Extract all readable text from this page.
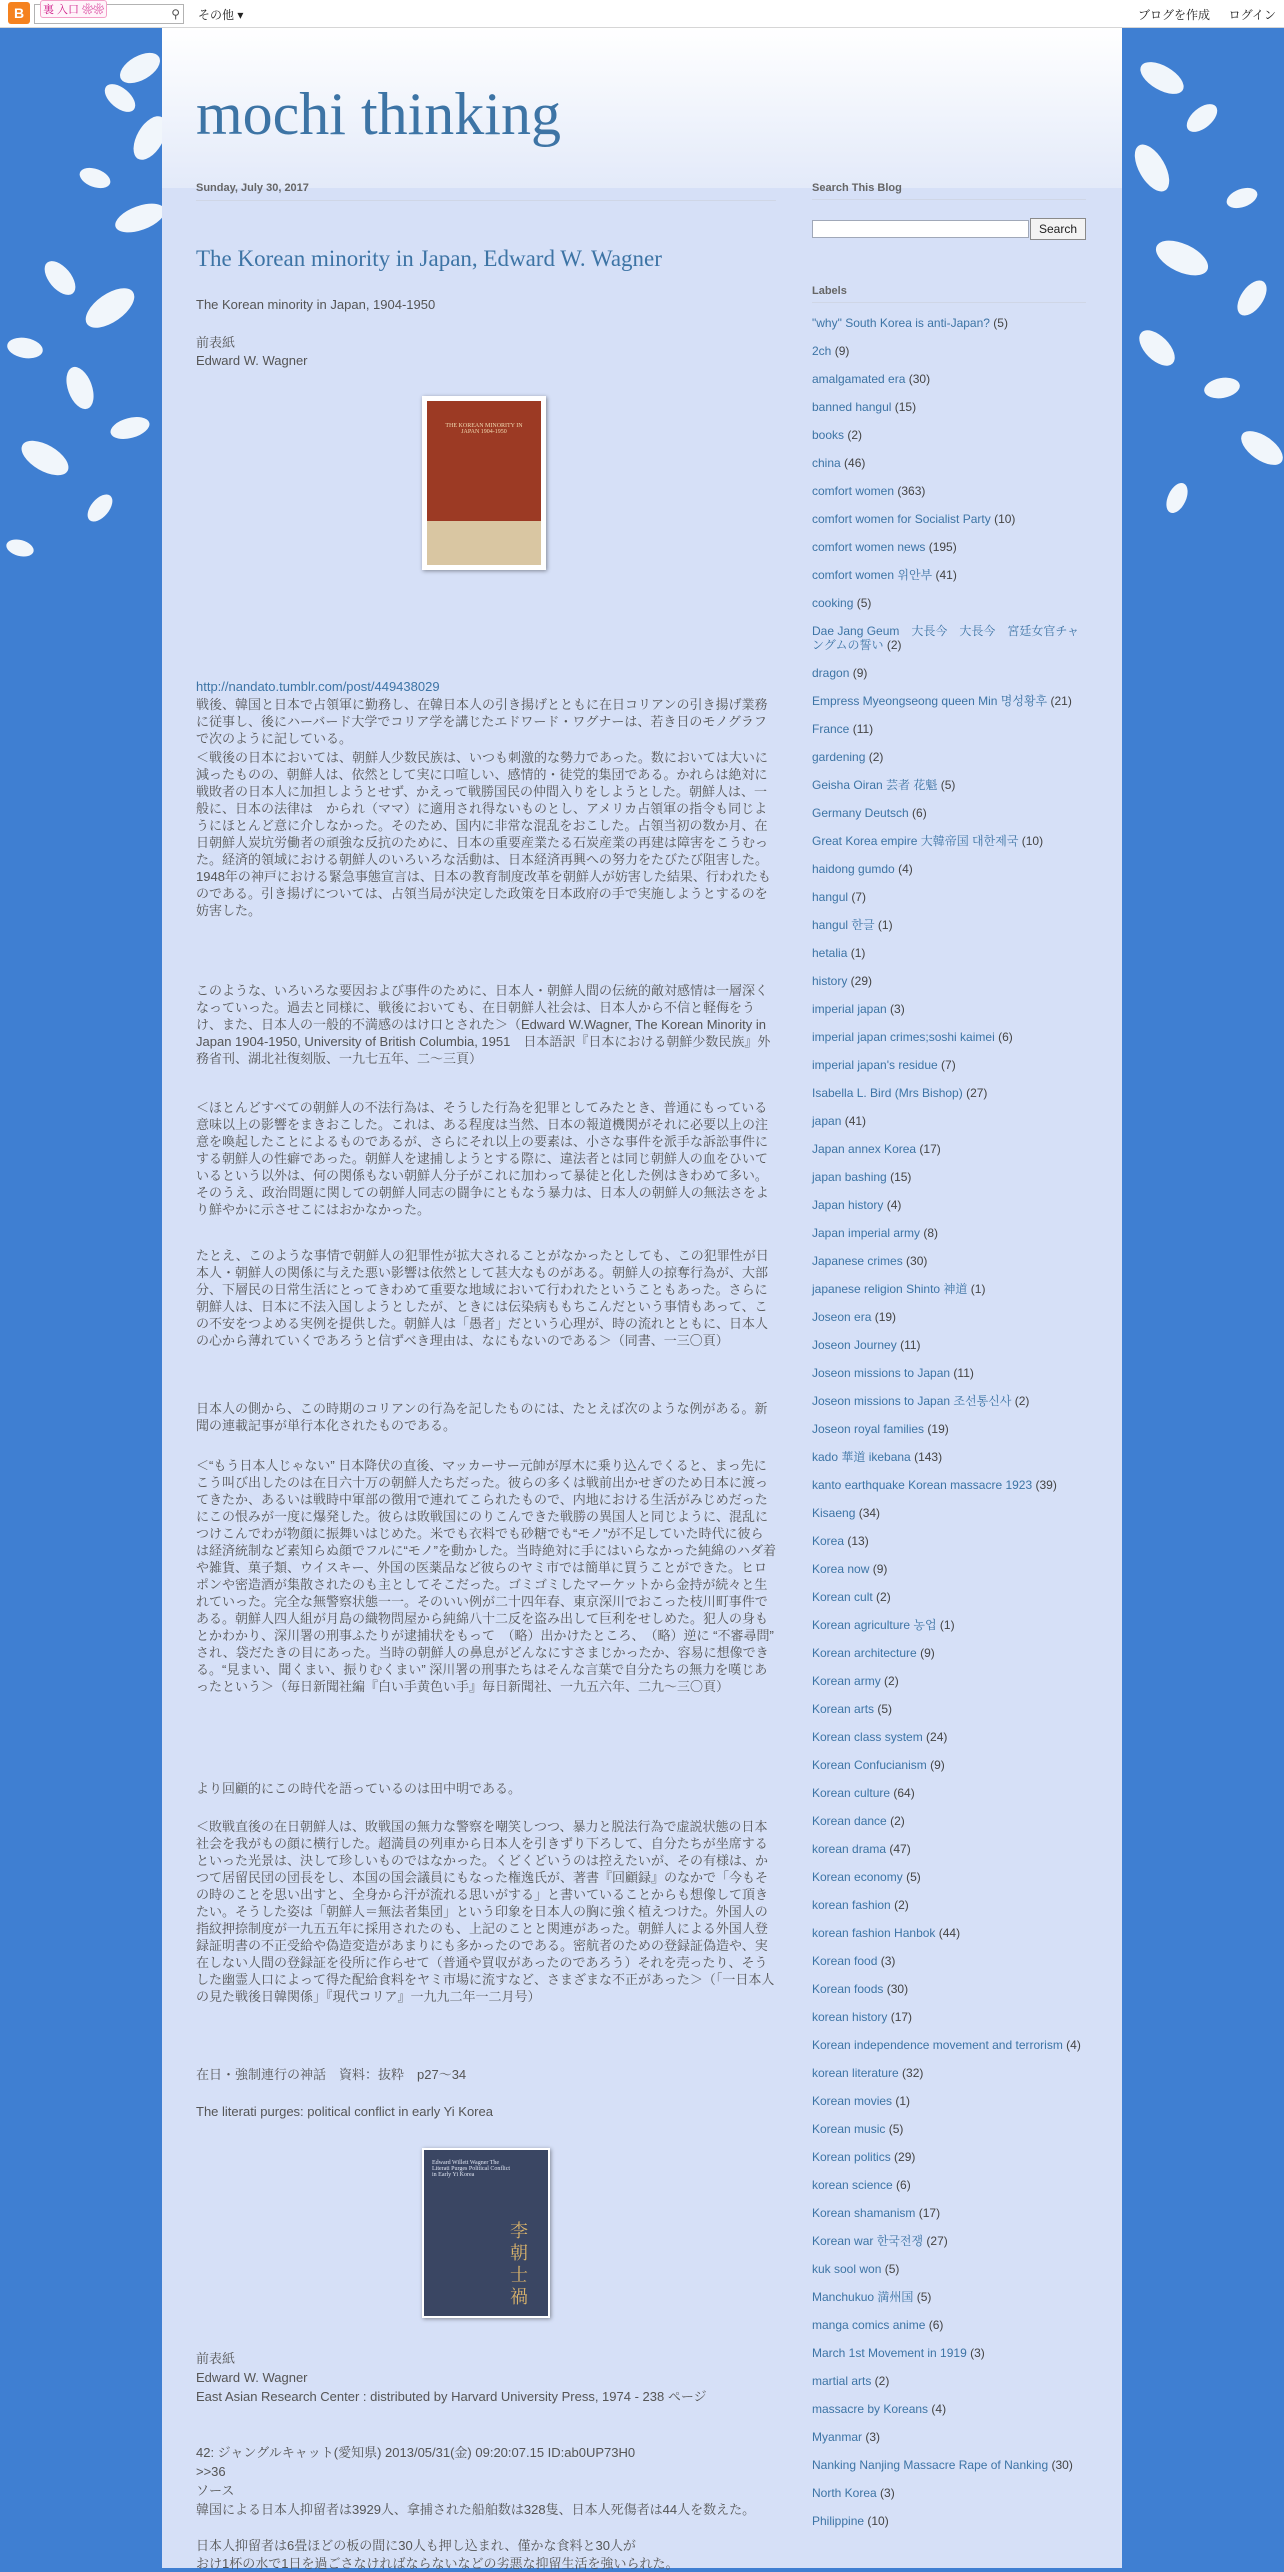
B	⚲
裏 入口 ❀❀	その他 ▾	ブログを作成 ログイン
mochi thinking
Sunday, July 30, 2017
The Korean minority in Japan, Edward W. Wagner
The Korean minority in Japan, 1904-1950
前表紙
Edward W. Wagner
THE KOREAN MINORITY IN JAPAN 1904-1950
http://nandato.tumblr.com/post/449438029
戦後、韓国と日本で占領軍に勤務し、在韓日本人の引き揚げとともに在日コリアンの引き揚げ業務に従事し、後にハーバード大学でコリア学を講じたエドワード・ワグナーは、若き日のモノグラフで次のように記している。
＜戦後の日本においては、朝鮮人少数民族は、いつも刺激的な勢力であった。数においては大いに減ったものの、朝鮮人は、依然として実に口喧しい、感情的・徒党的集団である。かれらは絶対に戦敗者の日本人に加担しようとせず、かえって戦勝国民の仲間入りをしようとした。朝鮮人は、一般に、日本の法律は　かられ（ママ）に適用され得ないものとし、アメリカ占領軍の指令も同じようにほとんど意に介しなかった。そのため、国内に非常な混乱をおこした。占領当初の数か月、在日朝鮮人炭坑労働者の頑強な反抗のために、日本の重要産業たる石炭産業の再建は障害をこうむった。経済的領域における朝鮮人のいろいろな活動は、日本経済再興への努力をたびたび阻害した。1948年の神戸における緊急事態宣言は、日本の教育制度改革を朝鮮人が妨害した結果、行われたものである。引き揚げについては、占領当局が決定した政策を日本政府の手で実施しようとするのを妨害した。
このような、いろいろな要因および事件のために、日本人・朝鮮人間の伝統的敵対感情は一層深くなっていった。過去と同様に、戦後においても、在日朝鮮人社会は、日本人から不信と軽侮をうけ、また、日本人の一般的不満感のはけ口とされた＞（Edward W.Wagner, The Korean Minority in Japan 1904-1950, University of British Columbia, 1951　日本語訳『日本における朝鮮少数民族』外務省刊、湖北社復刻版、一九七五年、二〜三頁）
＜ほとんどすべての朝鮮人の不法行為は、そうした行為を犯罪としてみたとき、普通にもっている意味以上の影響をまきおこした。これは、ある程度は当然、日本の報道機関がそれに必要以上の注意を喚起したことによるものであるが、さらにそれ以上の要素は、小さな事件を派手な訴訟事件にする朝鮮人の性癖であった。朝鮮人を逮捕しようとする際に、違法者とは同じ朝鮮人の血をひいているという以外は、何の関係もない朝鮮人分子がこれに加わって暴徒と化した例はきわめて多い。そのうえ、政治問題に関しての朝鮮人同志の闘争にともなう暴力は、日本人の朝鮮人の無法さをより鮮やかに示させこにはおかなかった。
たとえ、このような事情で朝鮮人の犯罪性が拡大されることがなかったとしても、この犯罪性が日本人・朝鮮人の関係に与えた悪い影響は依然として甚大なものがある。朝鮮人の掠奪行為が、大部分、下層民の日常生活にとってきわめて重要な地域において行われたということもあった。さらに朝鮮人は、日本に不法入国しようとしたが、ときには伝染病ももちこんだという事情もあって、この不安をつよめる実例を提供した。朝鮮人は「愚者」だという心理が、時の流れとともに、日本人の心から薄れていくであろうと信ずべき理由は、なにもないのである＞（同書、一三〇頁）
日本人の側から、この時期のコリアンの行為を記したものには、たとえば次のような例がある。新聞の連載記事が単行本化されたものである。
＜“もう日本人じゃない” 日本降伏の直後、マッカーサー元帥が厚木に乗り込んでくると、まっ先にこう叫び出したのは在日六十万の朝鮮人たちだった。彼らの多くは戦前出かせぎのため日本に渡ってきたか、あるいは戦時中軍部の徴用で連れてこられたもので、内地における生活がみじめだったにこの恨みが一度に爆発した。彼らは敗戦国にのりこんできた戦勝の異国人と同じように、混乱につけこんでわが物顔に振舞いはじめた。米でも衣料でも砂糖でも“モノ”が不足していた時代に彼らは経済統制など素知らぬ顔でフルに“モノ”を動かした。当時絶対に手にはいらなかった純綿のハダ着や雑貨、菓子類、ウイスキー、外国の医薬品など彼らのヤミ市では簡単に買うことができた。ヒロポンや密造酒が集散されたのも主としてそこだった。ゴミゴミしたマーケットから金持が続々と生れていった。完全な無警察状態一一。そのいい例が二十四年春、東京深川でおこった枝川町事件である。朝鮮人四人組が月島の織物問屋から純綿八十二反を盗み出して巨利をせしめた。犯人の身もとかわかり、深川署の刑事ふたりが逮捕状をもって　（略）出かけたところ、　（略）逆に “不審尋問” され、袋だたきの目にあった。当時の朝鮮人の鼻息がどんなにすさまじかったか、容易に想像できる。“見まい、聞くまい、振りむくまい” 深川署の刑事たちはそんな言葉で自分たちの無力を嘆じあったという＞（毎日新聞社編『白い手黄色い手』毎日新聞社、一九五六年、二九〜三〇頁）
より回顧的にこの時代を語っているのは田中明である。
＜敗戦直後の在日朝鮮人は、敗戦国の無力な警察を嘲笑しつつ、暴力と脱法行為で虚説状態の日本社会を我がもの顔に横行した。超満員の列車から日本人を引きずり下ろして、自分たちが坐席するといった光景は、決して珍しいものではなかった。くどくどいうのは控えたいが、その有様は、かつて居留民団の団長をし、本国の国会議員にもなった権逸氏が、著書『回顧録』のなかで「今もその時のことを思い出すと、全身から汗が流れる思いがする」と書いていることからも想像して頂きたい。そうした姿は「朝鮮人＝無法者集団」という印象を日本人の胸に強く植えつけた。外国人の指紋押捺制度が一九五五年に採用されたのも、上記のことと関連があった。朝鮮人による外国人登録証明書の不正受給や偽造変造があまりにも多かったのである。密航者のための登録証偽造や、実在しない人間の登録証を役所に作らせて（普通や買収があったのであろう）それを売ったり、そうした幽霊人口によって得た配給食料をヤミ市場に流すなど、さまざまな不正があった＞（「一日本人の見た戦後日韓関係」『現代コリア』一九九二年一二月号）
在日・強制連行の神話　資料：抜粋　p27～34
The literati purges: political conflict in early Yi Korea
Edward Willett Wagner The Literati Purges Political Conflict in Early Yi Korea
李朝士禍
前表紙
Edward W. Wagner
East Asian Research Center : distributed by Harvard University Press, 1974 - 238 ページ
42: ジャングルキャット(愛知県) 2013/05/31(金) 09:20:07.15 ID:ab0UP73H0
>>36
ソース
韓国による日本人抑留者は3929人、拿捕された船舶数は328隻、日本人死傷者は44人を数えた。
日本人抑留者は6畳ほどの板の間に30人も押し込まれ、僅かな食料と30人が
おけ1杯の水で1日を過ごさなければならないなどの劣悪な抑留生活を強いられた。
Search This Blog
Search
Labels
"why" South Korea is anti-Japan? (5)
2ch (9)
amalgamated era (30)
banned hangul (15)
books (2)
china (46)
comfort women (363)
comfort women for Socialist Party (10)
comfort women news (195)
comfort women 위안부 (41)
cooking (5)
Dae Jang Geum　大長今　大長今　宮廷女官チャングムの誓い (2)
dragon (9)
Empress Myeongseong queen Min 명성황후 (21)
France (11)
gardening (2)
Geisha Oiran 芸者 花魁 (5)
Germany Deutsch (6)
Great Korea empire 大韓帝国 대한제국 (10)
haidong gumdo (4)
hangul (7)
hangul 한글 (1)
hetalia (1)
history (29)
imperial japan (3)
imperial japan crimes;soshi kaimei (6)
imperial japan's residue (7)
Isabella L. Bird (Mrs Bishop) (27)
japan (41)
Japan annex Korea (17)
japan bashing (15)
Japan history (4)
Japan imperial army (8)
Japanese crimes (30)
japanese religion Shinto 神道 (1)
Joseon era (19)
Joseon Journey (11)
Joseon missions to Japan (11)
Joseon missions to Japan 조선통신사 (2)
Joseon royal families (19)
kado 華道 ikebana (143)
kanto earthquake Korean massacre 1923 (39)
Kisaeng (34)
Korea (13)
Korea now (9)
Korean cult (2)
Korean agriculture 농업 (1)
Korean architecture (9)
Korean army (2)
Korean arts (5)
Korean class system (24)
Korean Confucianism (9)
Korean culture (64)
Korean dance (2)
korean drama (47)
Korean economy (5)
korean fashion (2)
korean fashion Hanbok (44)
Korean food (3)
Korean foods (30)
korean history (17)
Korean independence movement and terrorism (4)
korean literature (32)
Korean movies (1)
Korean music (5)
Korean politics (29)
korean science (6)
Korean shamanism (17)
Korean war 한국전쟁 (27)
kuk sool won (5)
Manchukuo 満州国 (5)
manga comics anime (6)
March 1st Movement in 1919 (3)
martial arts (2)
massacre by Koreans (4)
Myanmar (3)
Nanking Nanjing Massacre Rape of Nanking (30)
North Korea (3)
Philippine (10)
